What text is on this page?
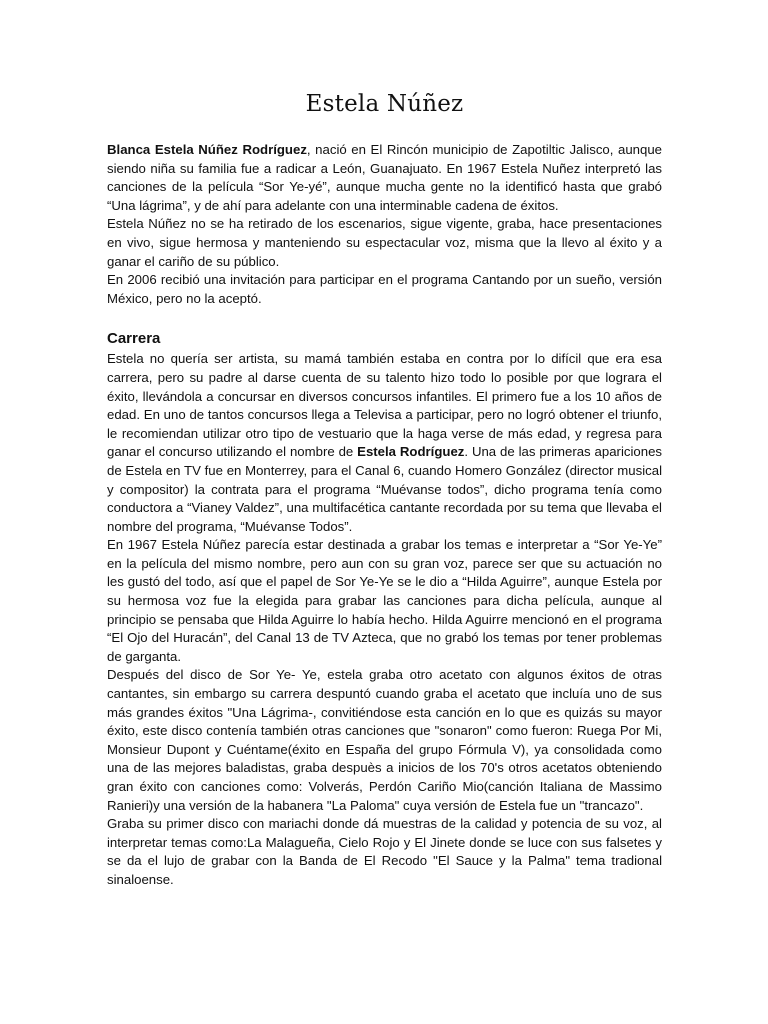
Estela Núñez

Blanca Estela Núñez Rodríguez, nació en El Rincón municipio de Zapotiltic Jalisco, aunque siendo niña su familia fue a radicar a León, Guanajuato. En 1967 Estela Nuñez interpretó las canciones de la película “Sor Ye-yé”, aunque mucha gente no la identificó hasta que grabó “Una lágrima”, y de ahí para adelante con una interminable cadena de éxitos.

Estela Núñez no se ha retirado de los escenarios, sigue vigente, graba, hace presentaciones en vivo, sigue hermosa y manteniendo su espectacular voz, misma que la llevo al éxito y a ganar el cariño de su público.

En 2006 recibió una invitación para participar en el programa Cantando por un sueño, versión México, pero no la aceptó.

Carrera

Estela no quería ser artista, su mamá también estaba en contra por lo difícil que era esa carrera, pero su padre al darse cuenta de su talento hizo todo lo posible por que lograra el éxito, llevándola a concursar en diversos concursos infantiles. El primero fue a los 10 años de edad. En uno de tantos concursos llega a Televisa a participar, pero no logró obtener el triunfo, le recomiendan utilizar otro tipo de vestuario que la haga verse de más edad, y regresa para ganar el concurso utilizando el nombre de Estela Rodríguez. Una de las primeras apariciones de Estela en TV fue en Monterrey, para el Canal 6, cuando Homero González (director musical y compositor) la contrata para el programa “Muévanse todos”, dicho programa tenía como conductora a “Vianey Valdez”, una multifacética cantante recordada por su tema que llevaba el nombre del programa, “Muévanse Todos”.

En 1967 Estela Núñez parecía estar destinada a grabar los temas e interpretar a “Sor Ye-Ye” en la película del mismo nombre, pero aun con su gran voz, parece ser que su actuación no les gustó del todo, así que el papel de Sor Ye-Ye se le dio a “Hilda Aguirre”, aunque Estela por su hermosa voz fue la elegida para grabar las canciones para dicha película, aunque al principio se pensaba que Hilda Aguirre lo había hecho. Hilda Aguirre mencionó en el programa “El Ojo del Huracán”, del Canal 13 de TV Azteca, que no grabó los temas por tener problemas de garganta.

Después del disco de Sor Ye- Ye, estela graba otro acetato con algunos éxitos de otras cantantes, sin embargo su carrera despuntó cuando graba el acetato que incluía uno de sus más grandes éxitos "Una Lágrima‐, convitiéndose esta canción en lo que es quizás su mayor éxito, este disco contenía también otras canciones que "sonaron" como fueron: Ruega Por Mi, Monsieur Dupont y Cuéntame(éxito en España del grupo Fórmula V), ya consolidada como una de las mejores baladistas, graba despuès a inicios de los 70's otros acetatos obteniendo gran éxito con canciones como: Volverás, Perdón Cariño Mio(canción Italiana de Massimo Ranieri)y una versión de la habanera "La Paloma" cuya versión de Estela fue un "trancazo".

Graba su primer disco con mariachi donde dá muestras de la calidad y potencia de su voz, al interpretar temas como:La Malagueña, Cielo Rojo y El Jinete donde se luce con sus falsetes y se da el lujo de grabar con la Banda de El Recodo "El Sauce y la Palma" tema tradional sinaloense.
